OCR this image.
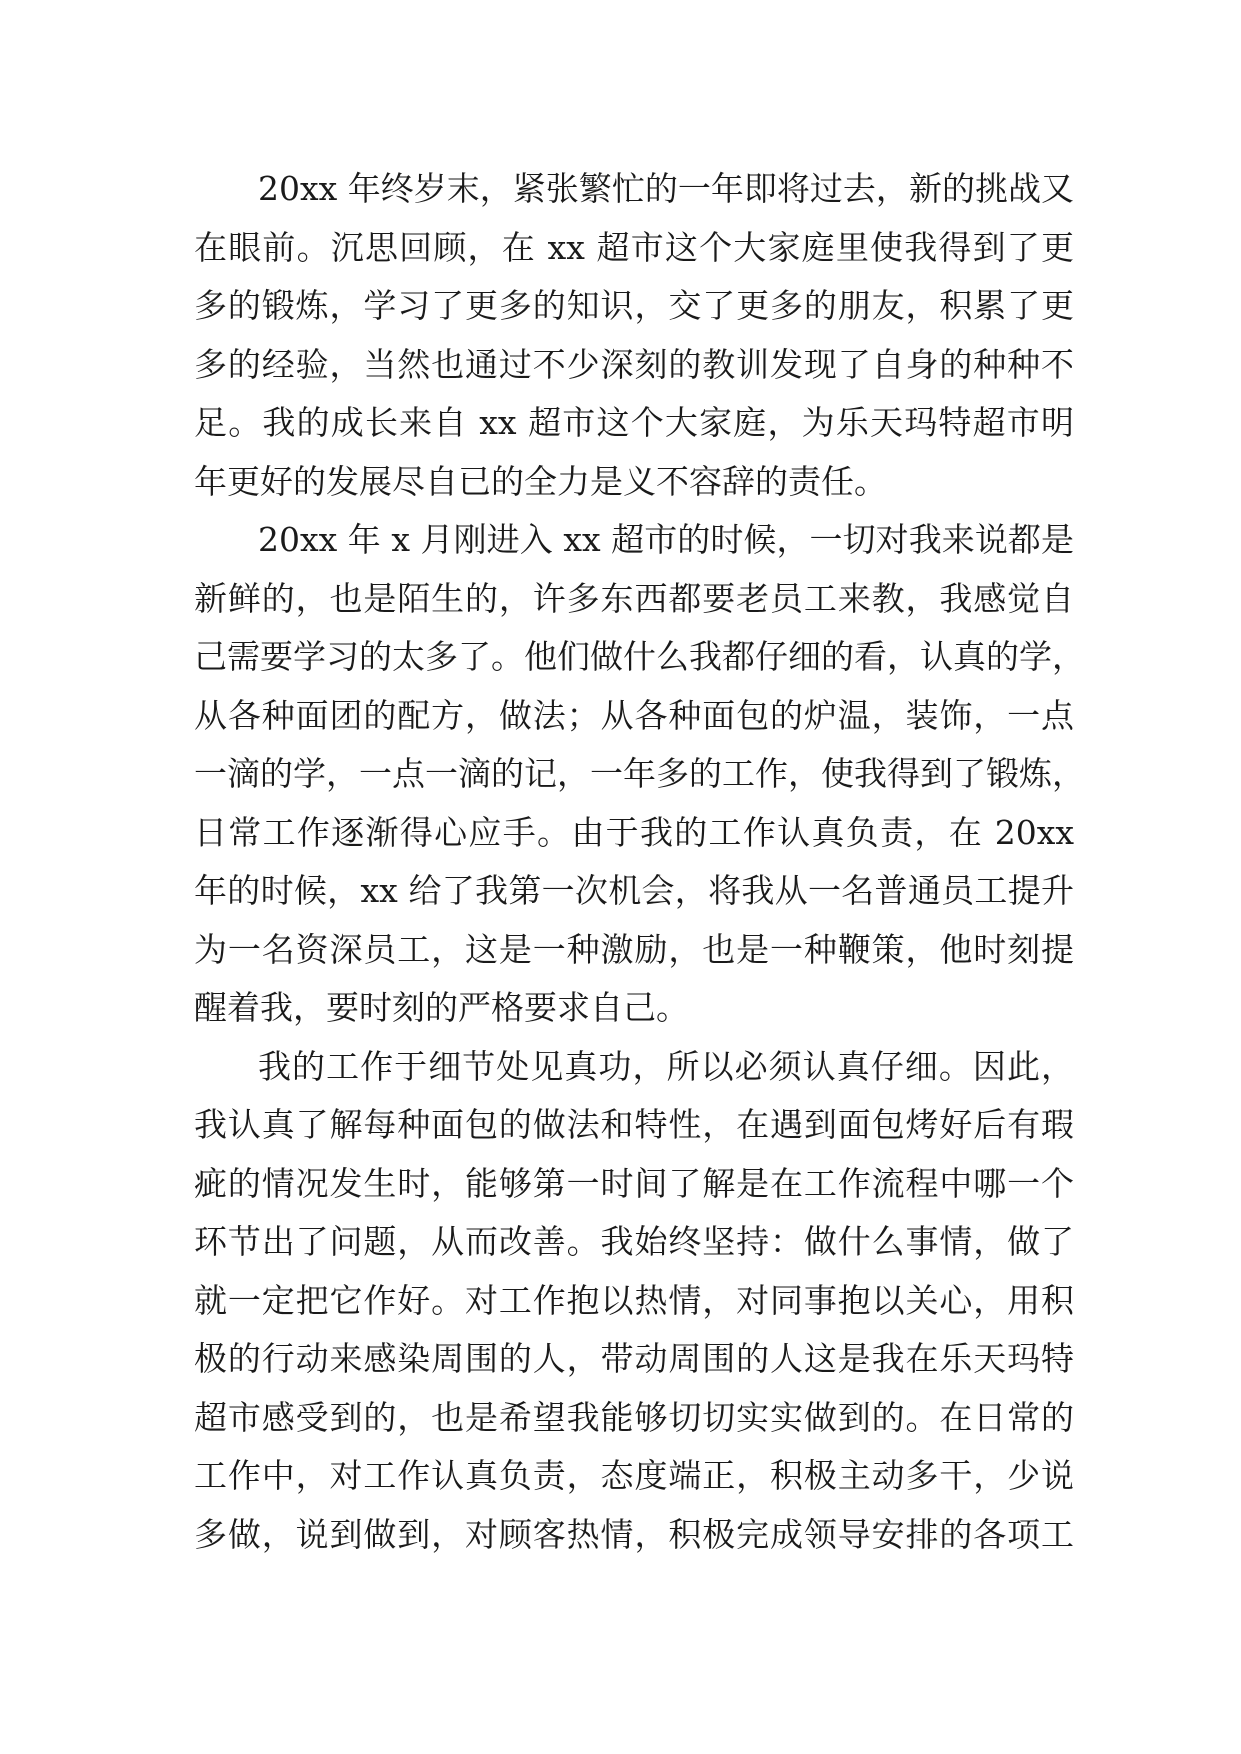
20xx 年终岁末，紧张繁忙的一年即将过去，新的挑战又
在眼前。沉思回顾，在 xx 超市这个大家庭里使我得到了更
多的锻炼，学习了更多的知识，交了更多的朋友，积累了更
多的经验，当然也通过不少深刻的教训发现了自身的种种不
足。我的成长来自 xx 超市这个大家庭，为乐天玛特超市明
年更好的发展尽自已的全力是义不容辞的责任。
20xx 年 x 月刚进入 xx 超市的时候，一切对我来说都是
新鲜的，也是陌生的，许多东西都要老员工来教，我感觉自
己需要学习的太多了。他们做什么我都仔细的看，认真的学，
从各种面团的配方，做法；从各种面包的炉温，装饰，一点
一滴的学，一点一滴的记，一年多的工作，使我得到了锻炼，
日常工作逐渐得心应手。由于我的工作认真负责，在 20xx
年的时候，xx 给了我第一次机会，将我从一名普通员工提升
为一名资深员工，这是一种激励，也是一种鞭策，他时刻提
醒着我，要时刻的严格要求自己。
我的工作于细节处见真功，所以必须认真仔细。因此，
我认真了解每种面包的做法和特性，在遇到面包烤好后有瑕
疵的情况发生时，能够第一时间了解是在工作流程中哪一个
环节出了问题，从而改善。我始终坚持：做什么事情，做了
就一定把它作好。对工作抱以热情，对同事抱以关心，用积
极的行动来感染周围的人，带动周围的人这是我在乐天玛特
超市感受到的，也是希望我能够切切实实做到的。在日常的
工作中，对工作认真负责，态度端正，积极主动多干，少说
多做，说到做到，对顾客热情，积极完成领导安排的各项工
